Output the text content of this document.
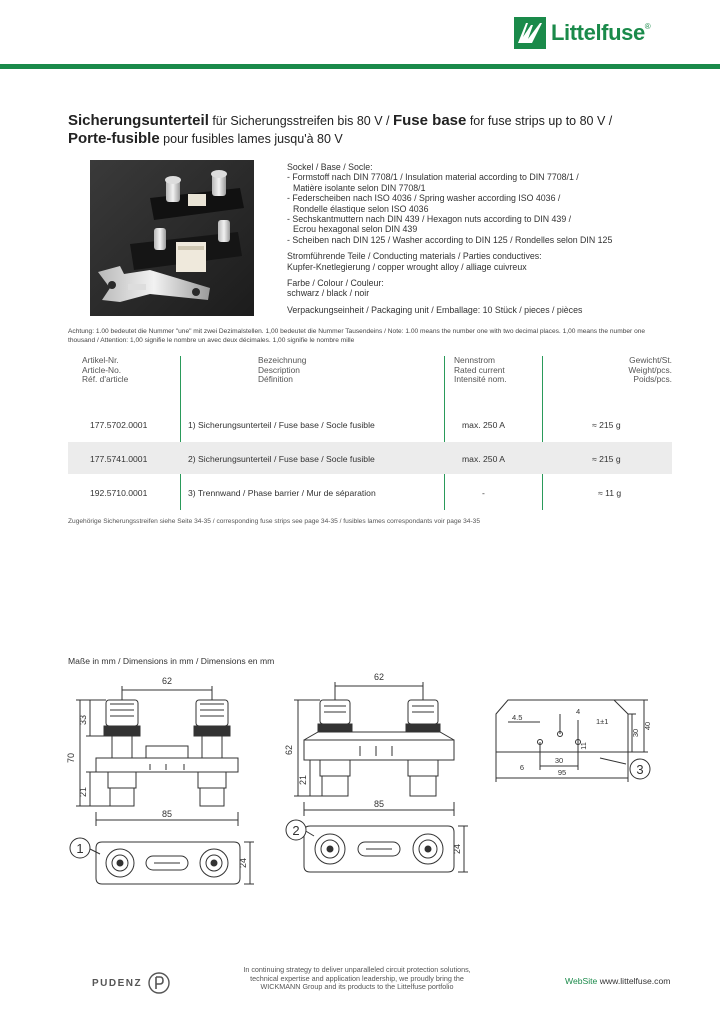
Littelfuse ®
Sicherungsunterteil für Sicherungsstreifen bis 80 V / Fuse base for fuse strips up to 80 V /
Porte-fusible pour fusibles lames jusqu'à 80 V

Sockel / Base / Socle:

- Formstoff nach DIN 7708/1 / Insulation material according to DIN 7708/1 /

Matière isolante selon DIN 7708/1

- Federscheiben nach ISO 4036 / Spring washer according ISO 4036 /

Rondelle élastique selon ISO 4036

- Sechskantmuttern nach DIN 439 / Hexagon nuts according to DIN 439 /

Ecrou hexagonal selon DIN 439

- Scheiben nach DIN 125 / Washer according to DIN 125 / Rondelles selon DIN 125

Stromführende Teile / Conducting materials / Parties conductives:

Kupfer-Knetlegierung / copper wrought alloy / alliage cuivreux

Farbe / Colour / Couleur:

schwarz / black / noir

Verpackungseinheit / Packaging unit / Emballage: 10 Stück / pieces / pièces

Achtung: 1.00 bedeutet die Nummer "une" mit zwei Dezimalstellen. 1,00 bedeutet die Nummer Tausendeins / Note: 1.00 means the number one with two decimal places. 1,00 means the number one thousand / Attention: 1,00 signifie le nombre un avec deux décimales. 1,00 signifie le nombre mille
Artikel-Nr.
Article-No.
Réf. d'article
Bezeichnung
Description
Définition
Nennstrom
Rated current
Intensité nom.
Gewicht/St.
Weight/pcs.
Poids/pcs.
177.5702.0001	1) Sicherungsunterteil / Fuse base / Socle fusible	max. 250 A	≈ 215 g
177.5741.0001	2) Sicherungsunterteil / Fuse base / Socle fusible	max. 250 A	≈ 215 g
192.5710.0001	3) Trennwand / Phase barrier / Mur de séparation	-	≈ 11 g
Zugehörige Sicherungsstreifen siehe Seite 34-35 / corresponding fuse strips see page 34-35 / fusibles lames correspondants voir page 34-35
Maße in mm / Dimensions in mm / Dimensions en mm
1
2
3
62
70
33
21
85
24
62
62
21
85
24
4.5
4
1±1
11
30
40
30
6
95
PUDENZ
In continuing strategy to deliver unparalleled circuit protection solutions, technical expertise and application leadership, we proudly bring the WICKMANN Group and its products to the Littelfuse portfolio
WebSite www.littelfuse.com
